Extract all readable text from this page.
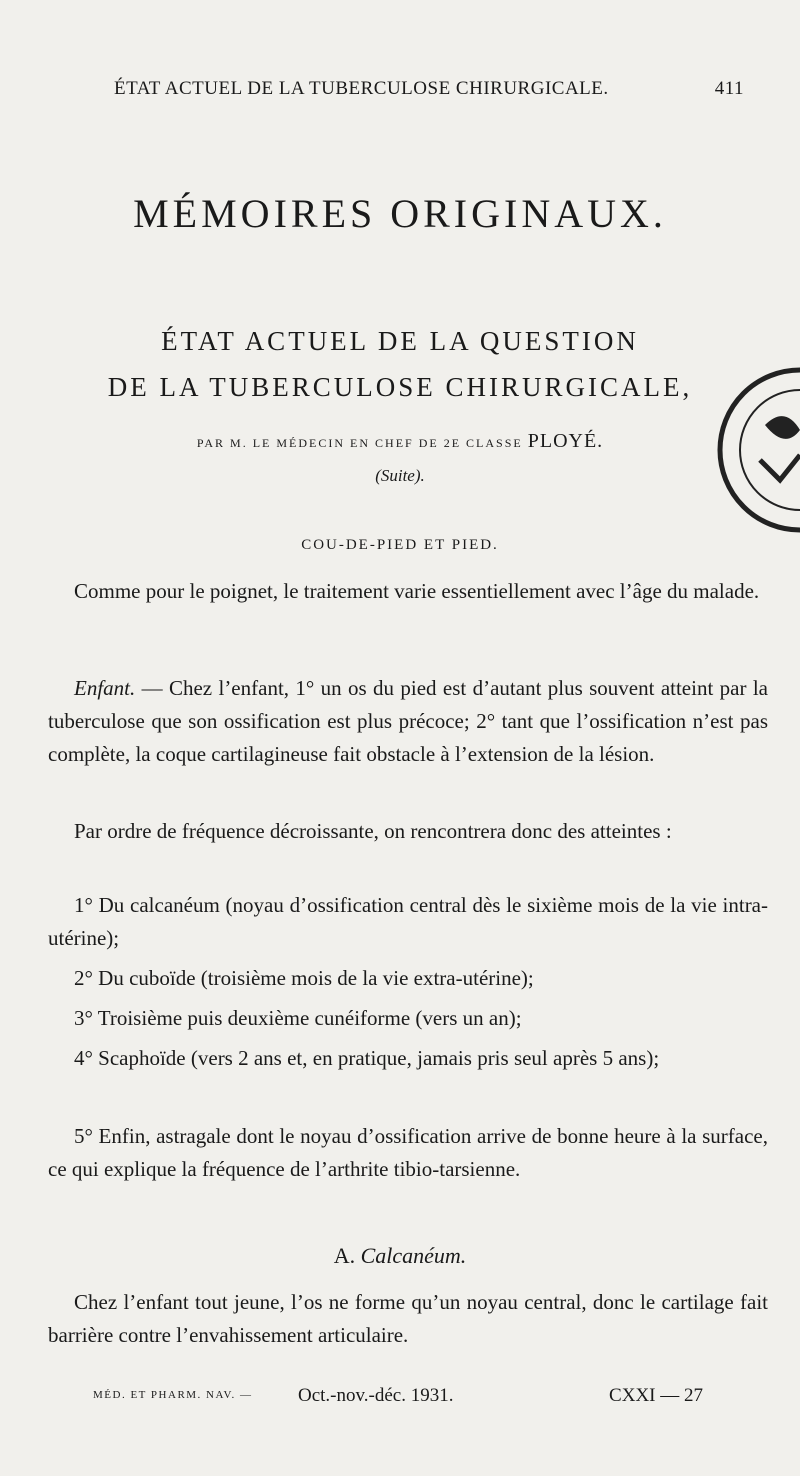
ÉTAT ACTUEL DE LA TUBERCULOSE CHIRURGICALE.	411
MÉMOIRES ORIGINAUX.
ÉTAT ACTUEL DE LA QUESTION
DE LA TUBERCULOSE CHIRURGICALE,
PAR M. LE MÉDECIN EN CHEF DE 2E CLASSE PLOYÉ.
(Suite).
COU-DE-PIED ET PIED.

Comme pour le poignet, le traitement varie essentiellement avec l’âge du malade.

Enfant. — Chez l’enfant, 1° un os du pied est d’autant plus souvent atteint par la tuberculose que son ossification est plus précoce; 2° tant que l’ossification n’est pas complète, la coque cartilagineuse fait obstacle à l’extension de la lésion.

Par ordre de fréquence décroissante, on rencontrera donc des atteintes :

1° Du calcanéum (noyau d’ossification central dès le sixième mois de la vie intra-utérine);

2° Du cuboïde (troisième mois de la vie extra-utérine);

3° Troisième puis deuxième cunéiforme (vers un an);

4° Scaphoïde (vers 2 ans et, en pratique, jamais pris seul après 5 ans);

5° Enfin, astragale dont le noyau d’ossification arrive de bonne heure à la surface, ce qui explique la fréquence de l’arthrite tibio-tarsienne.

A. Calcanéum.

Chez l’enfant tout jeune, l’os ne forme qu’un noyau central, donc le cartilage fait barrière contre l’envahissement articulaire.

MÉD. ET PHARM. NAV. — Oct.-nov.-déc. 1931.	CXXI — 27
